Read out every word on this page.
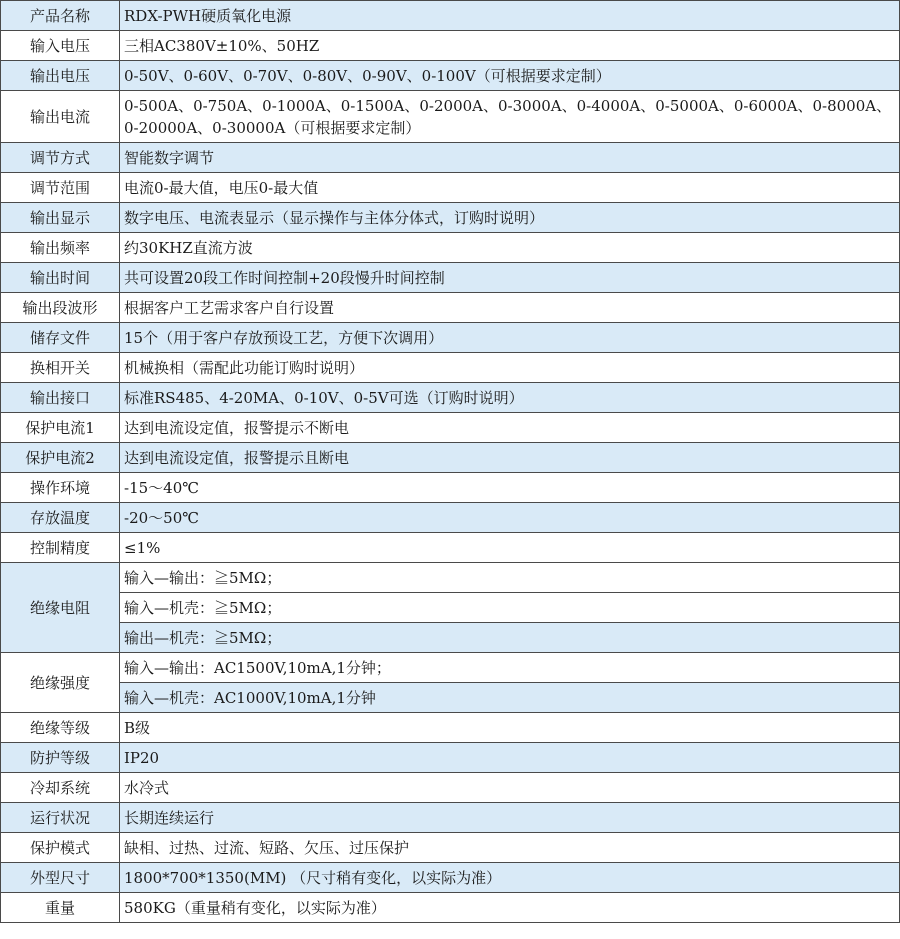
产品名称	RDX-PWH硬质氧化电源
输入电压	三相AC380V±10%、50HZ
输出电压	0-50V、0-60V、0-70V、0-80V、0-90V、0-100V（可根据要求定制）
输出电流	0-500A、0-750A、0-1000A、0-1500A、0-2000A、0-3000A、0-4000A、0-5000A、0-6000A、0-8000A、0-20000A、0-30000A（可根据要求定制）
调节方式	智能数字调节
调节范围	电流0-最大值，电压0-最大值
输出显示	数字电压、电流表显示（显示操作与主体分体式，订购时说明）
输出频率	约30KHZ直流方波
输出时间	共可设置20段工作时间控制+20段慢升时间控制
输出段波形	根据客户工艺需求客户自行设置
储存文件	15个（用于客户存放预设工艺，方便下次调用）
换相开关	机械换相（需配此功能订购时说明）
输出接口	标准RS485、4-20MA、0-10V、0-5V可选（订购时说明）
保护电流1	达到电流设定值，报警提示不断电
保护电流2	达到电流设定值，报警提示且断电
操作环境	-15～40℃
存放温度	-20～50℃
控制精度	≤1%
绝缘电阻	输入—输出：≧5MΩ；
	输入—机壳：≧5MΩ；
	输出—机壳：≧5MΩ；
绝缘强度	输入—输出：AC1500V,10mA,1分钟；
	输入—机壳：AC1000V,10mA,1分钟
绝缘等级	B级
防护等级	IP20
冷却系统	水冷式
运行状况	长期连续运行
保护模式	缺相、过热、过流、短路、欠压、过压保护
外型尺寸	1800*700*1350(MM) （尺寸稍有变化，以实际为准）
重量	580KG（重量稍有变化，以实际为准）
